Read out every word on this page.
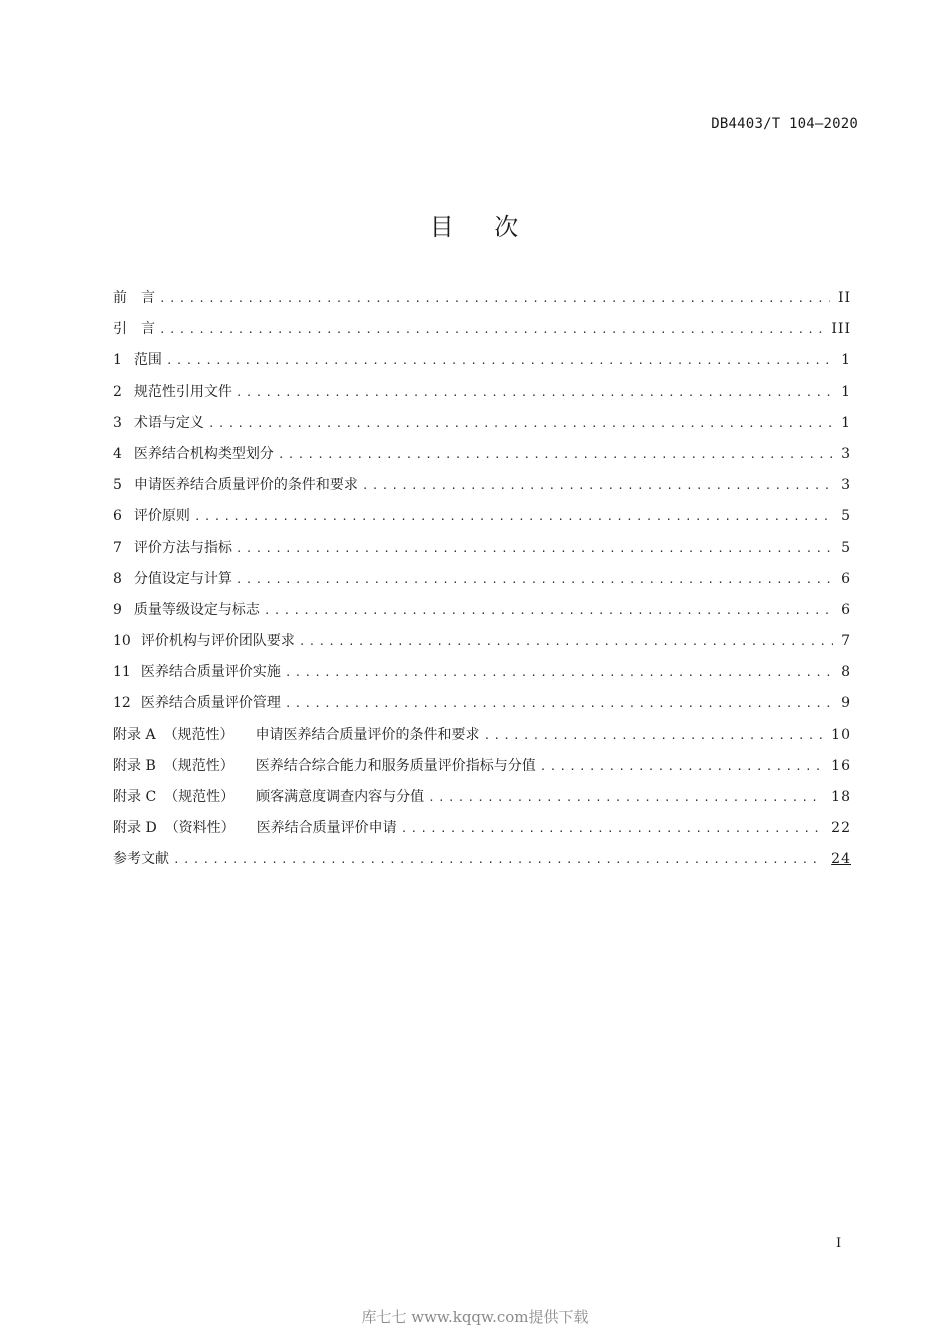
DB4403/T 104—2020
目    次
前　言 .....	II
引　言 .....	III
1 范围 .....	1
2 规范性引用文件 .....	1
3 术语与定义 .....	1
4 医养结合机构类型划分 .....	3
5 申请医养结合质量评价的条件和要求 .....	3
6 评价原则 .....	5
7 评价方法与指标 .....	5
8 分值设定与计算 .....	6
9 质量等级设定与标志 .....	6
10 评价机构与评价团队要求 .....	7
11 医养结合质量评价实施 .....	8
12 医养结合质量评价管理 .....	9
附录 A （规范性）	申请医养结合质量评价的条件和要求 .....	10
附录 B （规范性）	医养结合综合能力和服务质量评价指标与分值 .....	16
附录 C （规范性）	顾客满意度调查内容与分值 .....	18
附录 D （资料性）	医养结合质量评价申请 .....	22
参考文献 .....	24
I
库七七 www.kqqw.com提供下载
